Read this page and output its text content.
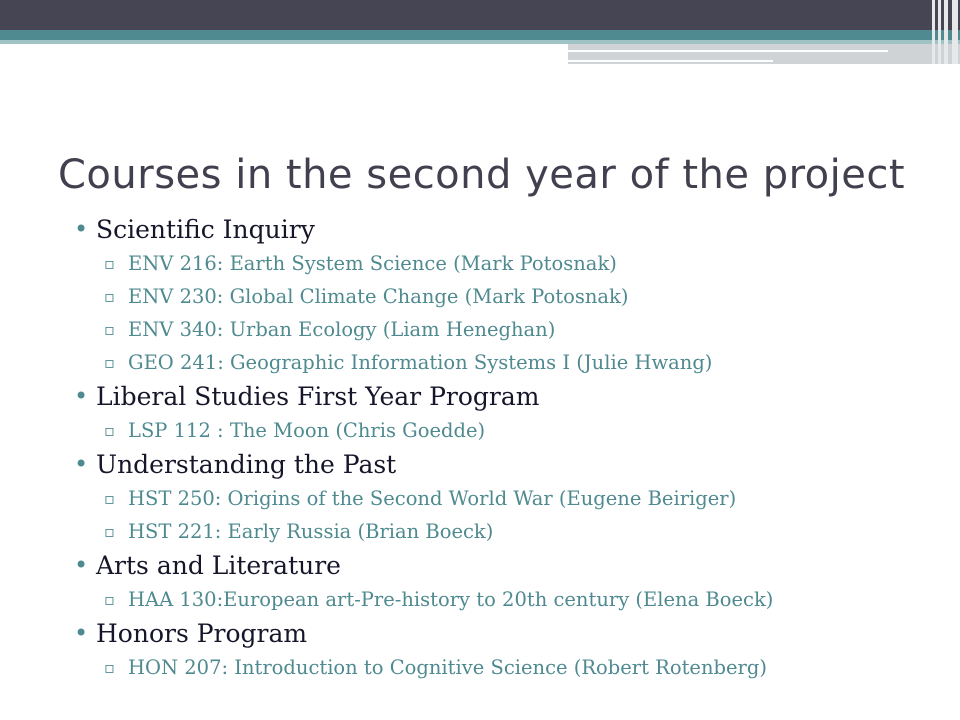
Courses in the second year of the project
• Scientific Inquiry
▫ ENV 216: Earth System Science (Mark Potosnak)
▫ ENV 230: Global Climate Change (Mark Potosnak)
▫ ENV 340: Urban Ecology (Liam Heneghan)
▫ GEO 241: Geographic Information Systems I (Julie Hwang)
• Liberal Studies First Year Program
▫ LSP 112 : The Moon (Chris Goedde)
• Understanding the Past
▫ HST 250: Origins of the Second World War (Eugene Beiriger)
▫ HST 221: Early Russia (Brian Boeck)
• Arts and Literature
▫ HAA 130:European art-Pre-history to 20th century (Elena Boeck)
• Honors Program
▫ HON 207: Introduction to Cognitive Science (Robert Rotenberg)
